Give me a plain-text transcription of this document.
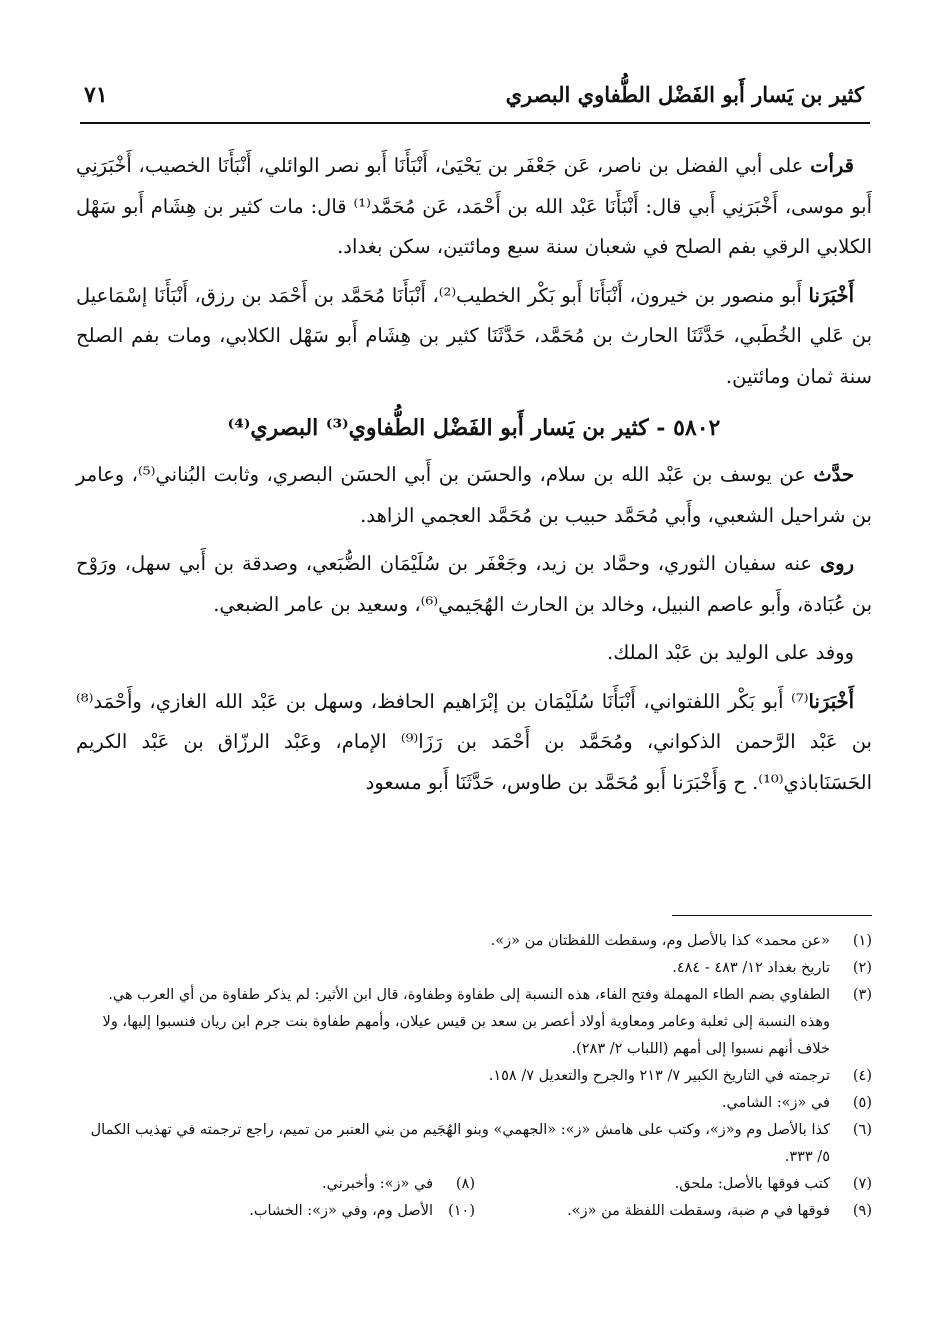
كثير بن يَسار أَبو الفَضْل الطُّفاوي البصري
٧١

قرأت على أبي الفضل بن ناصر، عَن جَعْفَر بن يَحْيَىٰ، أَنْبَأَنَا أَبو نصر الوائلي، أَنْبَأَنَا الخصيب، أَخْبَرَنِي أَبو موسى، أَخْبَرَنِي أَبي قال: أَنْبَأَنَا عَبْد الله بن أَحْمَد، عَن مُحَمَّد⁽¹⁾ قال: مات كثير بن هِشَام أَبو سَهْل الكلابي الرقي بفم الصلح في شعبان سنة سبع ومائتين، سكن بغداد.

أَخْبَرَنا أَبو منصور بن خيرون، أَنْبَأَنَا أَبو بَكْر الخطيب⁽²⁾، أَنْبَأَنَا مُحَمَّد بن أَحْمَد بن رزق، أَنْبَأَنَا إسْمَاعيل بن عَلي الخُطَبي، حَدَّثَنَا الحارث بن مُحَمَّد، حَدَّثَنَا كثير بن هِشَام أَبو سَهْل الكلابي، ومات بفم الصلح سنة ثمان ومائتين.

٥٨٠٢ - كثير بن يَسار أَبو الفَضْل الطُّفاوي⁽³⁾ البصري⁽⁴⁾

حدَّث عن يوسف بن عَبْد الله بن سلام، والحسَن بن أَبي الحسَن البصري، وثابت البُناني⁽⁵⁾، وعامر بن شراحيل الشعبي، وأَبي مُحَمَّد حبيب بن مُحَمَّد العجمي الزاهد.

روى عنه سفيان الثوري، وحمَّاد بن زيد، وجَعْفَر بن سُلَيْمَان الضُّبَعي، وصدقة بن أَبي سهل، ورَوْح بن عُبَادة، وأَبو عاصم النبيل، وخالد بن الحارث الهُجَيمي⁽⁶⁾، وسعيد بن عامر الضبعي.

ووفد على الوليد بن عَبْد الملك.

أَخْبَرَنا⁽⁷⁾ أَبو بَكْر اللفتواني، أَنْبَأَنَا سُلَيْمَان بن إبْرَاهيم الحافظ، وسهل بن عَبْد الله الغازي، وأَحْمَد⁽⁸⁾ بن عَبْد الرَّحمن الذكواني، ومُحَمَّد بن أَحْمَد بن رَزَا⁽⁹⁾ الإمام، وعَبْد الرزّاق بن عَبْد الكريم الحَسَنَاباذي⁽¹⁰⁾. ح وَأَخْبَرَنا أَبو مُحَمَّد بن طاوس، حَدَّثَنَا أَبو مسعود

(١)
«عن محمد» كذا بالأصل وم، وسقطت اللفظتان من «ز».
(٢)
تاريخ بغداد ١٢/ ٤٨٣ - ٤٨٤.
(٣)
الطفاوي بضم الطاء المهملة وفتح الفاء، هذه النسبة إلى طفاوة وطفاوة، قال ابن الأثير: لم يذكر طفاوة من أي العرب هي. وهذه النسبة إلى ثعلبة وعامر ومعاوية أولاد أعصر بن سعد بن قيس عيلان، وأمهم طفاوة بنت جرم ابن ريان فنسبوا إليها، ولا خلاف أنهم نسبوا إلى أمهم (اللباب ٢/ ٢٨٣).
(٤)
ترجمته في التاريخ الكبير ٧/ ٢١٣ والجرح والتعديل ٧/ ١٥٨.
(٥)
في «ز»: الشامي.
(٦)
كذا بالأصل وم و«ز»، وكتب على هامش «ز»: «الجهمي» وبنو الهُجَيم من بني العنبر من تميم، راجع ترجمته في تهذيب الكمال ٥/ ٣٣٣.
(٧)
كتب فوقها بالأصل: ملحق.
(٨)
في «ز»: وأخبرني.
(٩)
فوقها في م ضبة، وسقطت اللفظة من «ز».
(١٠)
الأصل وم، وفي «ز»: الخشاب.
